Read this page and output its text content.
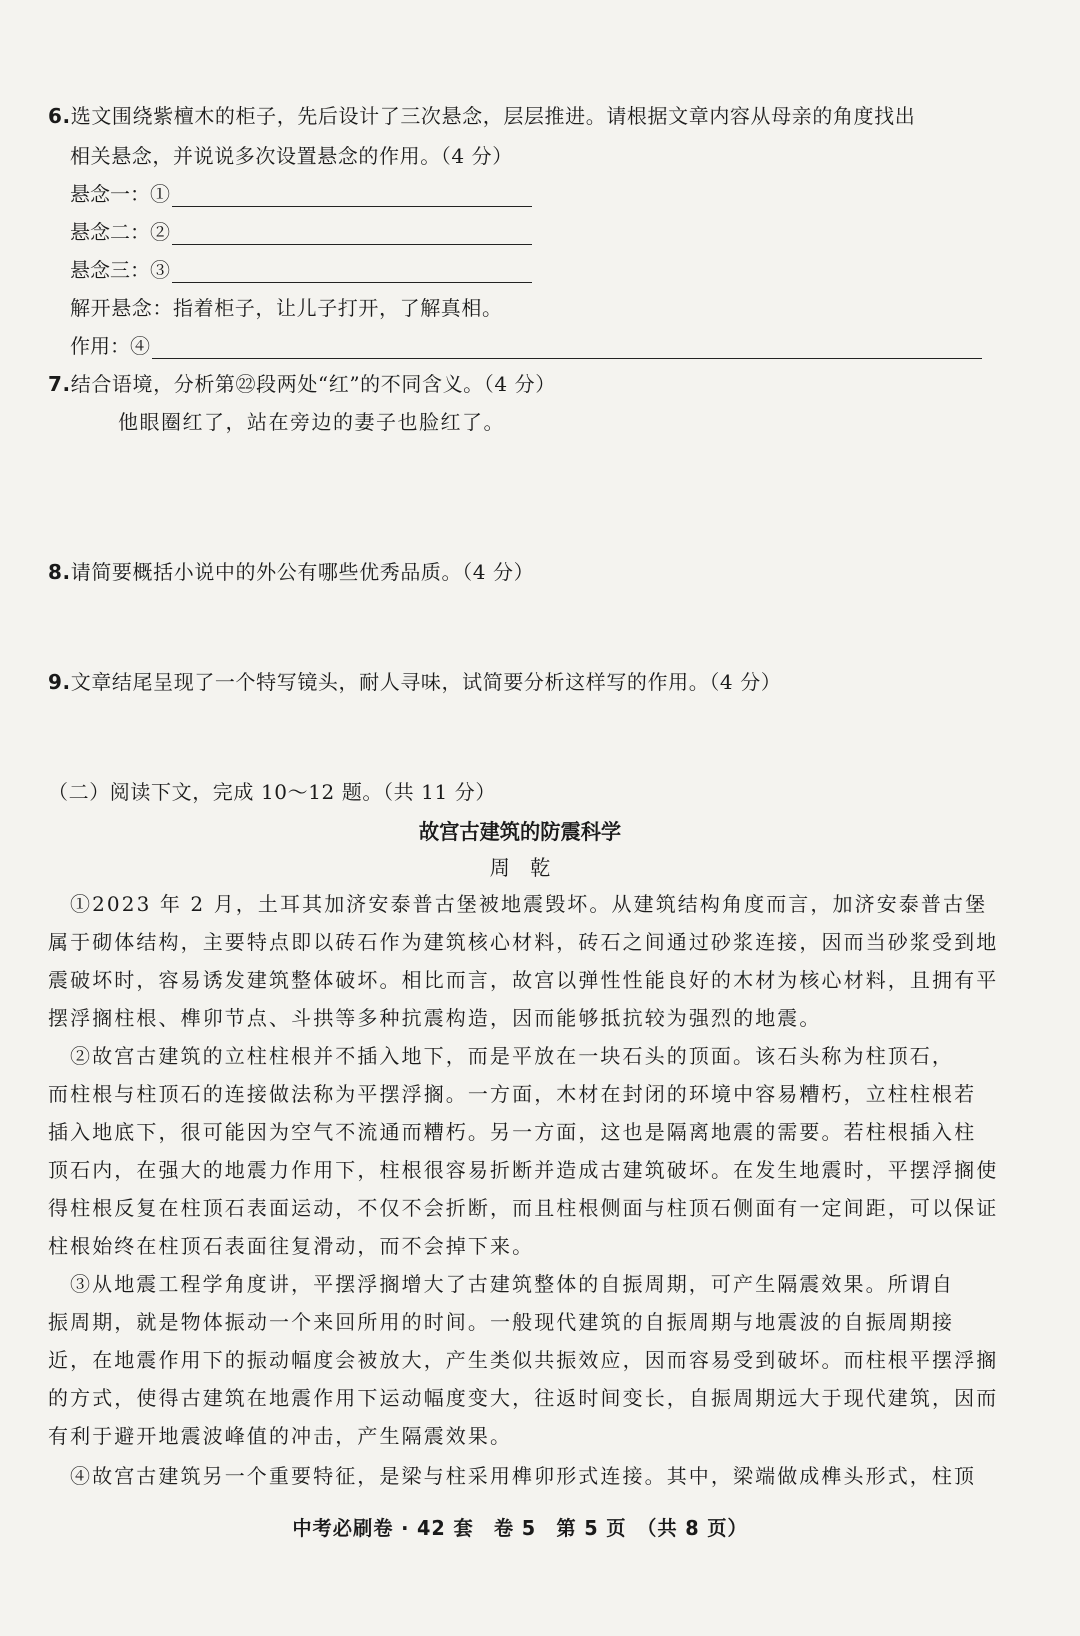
6.选文围绕紫檀木的柜子，先后设计了三次悬念，层层推进。请根据文章内容从母亲的角度找出
相关悬念，并说说多次设置悬念的作用。（4 分）
悬念一：①
悬念二：②
悬念三：③
解开悬念：指着柜子，让儿子打开，了解真相。
作用：④
7.结合语境，分析第㉒段两处“红”的不同含义。（4 分）
他眼圈红了，站在旁边的妻子也脸红了。
8.请简要概括小说中的外公有哪些优秀品质。（4 分）
9.文章结尾呈现了一个特写镜头，耐人寻味，试简要分析这样写的作用。（4 分）
（二）阅读下文，完成 10～12 题。（共 11 分）
故宫古建筑的防震科学
周　乾
①2023 年 2 月，土耳其加济安泰普古堡被地震毁坏。从建筑结构角度而言，加济安泰普古堡
属于砌体结构，主要特点即以砖石作为建筑核心材料，砖石之间通过砂浆连接，因而当砂浆受到地
震破坏时，容易诱发建筑整体破坏。相比而言，故宫以弹性性能良好的木材为核心材料，且拥有平
摆浮搁柱根、榫卯节点、斗拱等多种抗震构造，因而能够抵抗较为强烈的地震。
②故宫古建筑的立柱柱根并不插入地下，而是平放在一块石头的顶面。该石头称为柱顶石，
而柱根与柱顶石的连接做法称为平摆浮搁。一方面，木材在封闭的环境中容易糟朽，立柱柱根若
插入地底下，很可能因为空气不流通而糟朽。另一方面，这也是隔离地震的需要。若柱根插入柱
顶石内，在强大的地震力作用下，柱根很容易折断并造成古建筑破坏。在发生地震时，平摆浮搁使
得柱根反复在柱顶石表面运动，不仅不会折断，而且柱根侧面与柱顶石侧面有一定间距，可以保证
柱根始终在柱顶石表面往复滑动，而不会掉下来。
③从地震工程学角度讲，平摆浮搁增大了古建筑整体的自振周期，可产生隔震效果。所谓自
振周期，就是物体振动一个来回所用的时间。一般现代建筑的自振周期与地震波的自振周期接
近，在地震作用下的振动幅度会被放大，产生类似共振效应，因而容易受到破坏。而柱根平摆浮搁
的方式，使得古建筑在地震作用下运动幅度变大，往返时间变长，自振周期远大于现代建筑，因而
有利于避开地震波峰值的冲击，产生隔震效果。
④故宫古建筑另一个重要特征，是梁与柱采用榫卯形式连接。其中，梁端做成榫头形式，柱顶
中考必刷卷 · 42 套　卷 5　第 5 页　（共 8 页）
